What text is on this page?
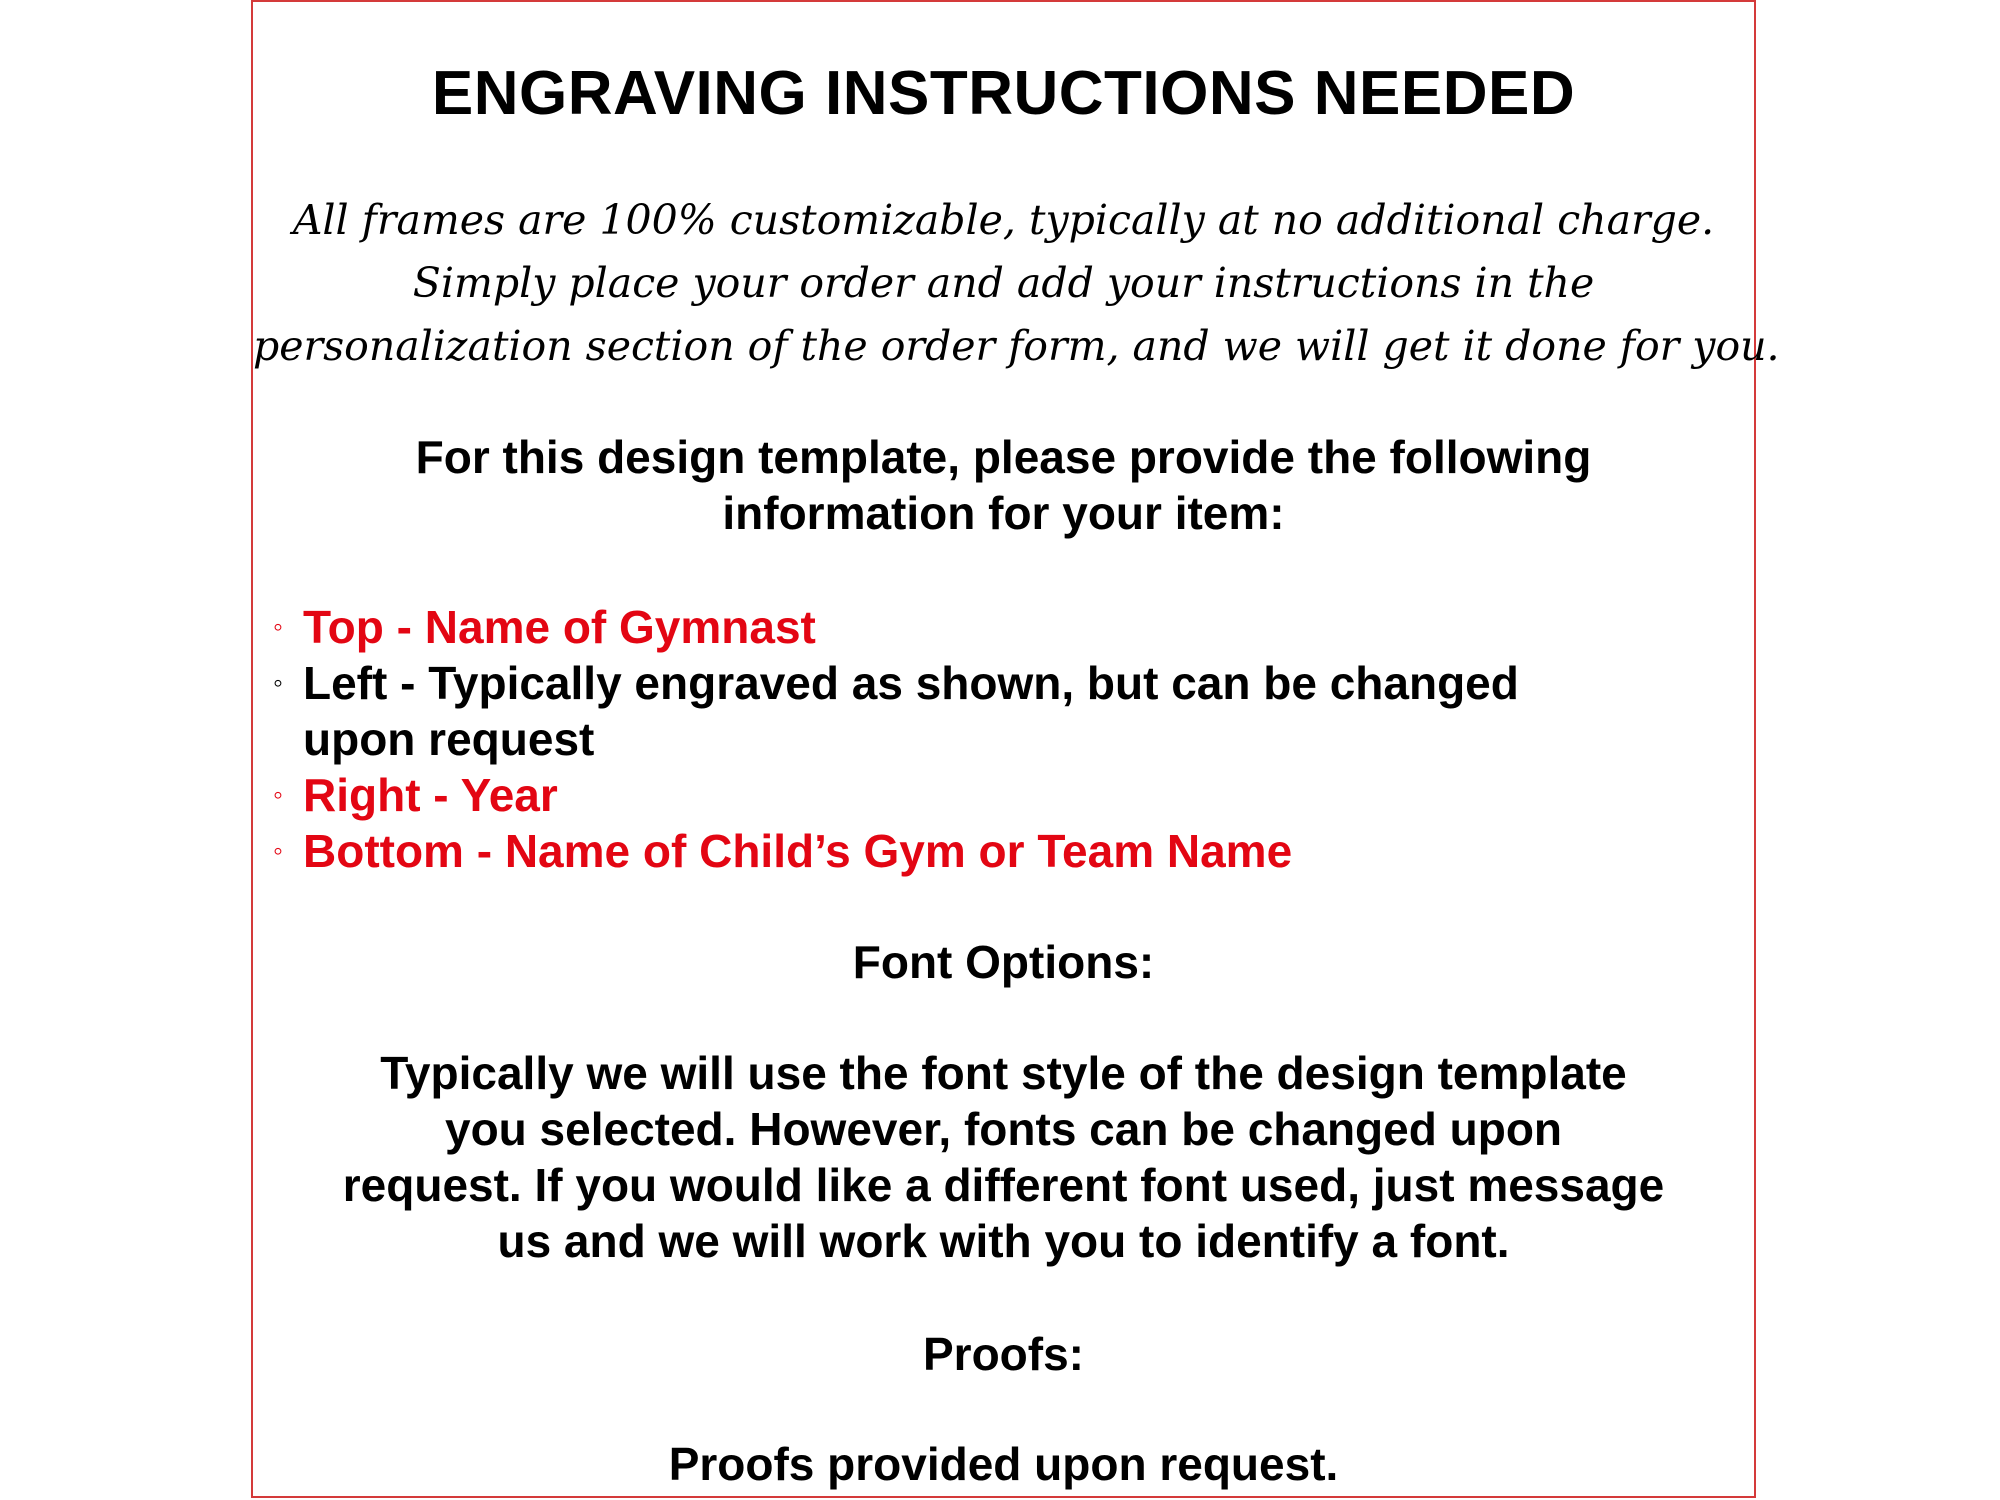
ENGRAVING INSTRUCTIONS NEEDED
All frames are 100% customizable, typically at no additional charge.
Simply place your order and add your instructions in the
personalization section of the order form, and we will get it done for you.
For this design template, please provide the following
information for your item:
◦ Top - Name of Gymnast
◦ Left - Typically engraved as shown, but can be changed
upon request
◦ Right - Year
◦ Bottom - Name of Child’s Gym or Team Name
Font Options:
Typically we will use the font style of the design template
you selected. However, fonts can be changed upon
request. If you would like a different font used, just message
us and we will work with you to identify a font.
Proofs:
Proofs provided upon request.
